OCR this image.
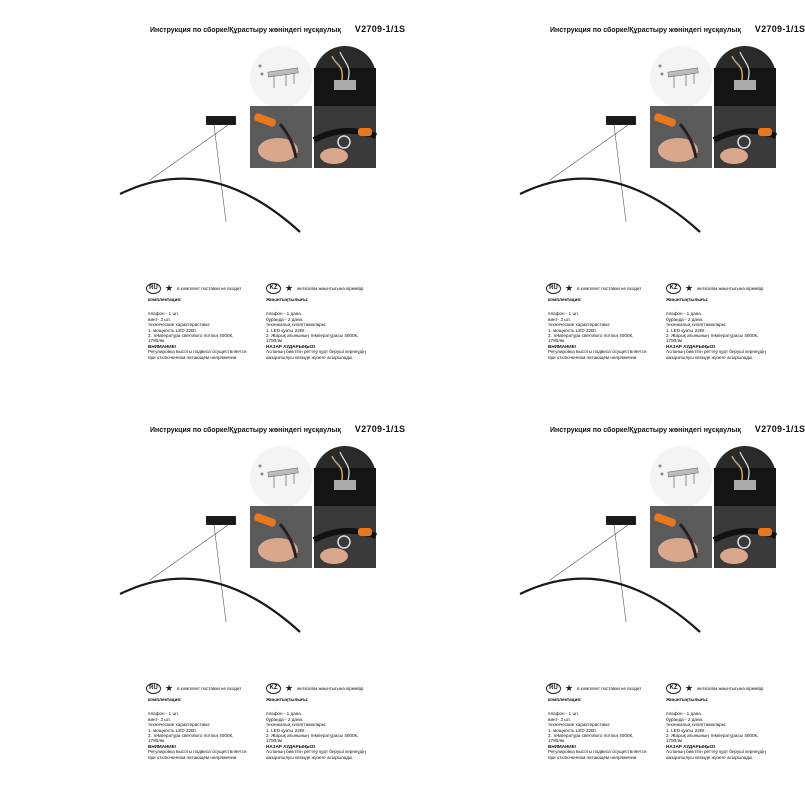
Инструкция по сборке/Құрастыру жөніндегі нұсқаулық V2709-1/1S
RU ★ в комплект поставки не входит	KZ ★ жеткізілім жиынтығына кірмейді

комплектация:

плафон - 1 шт.

винт- 2 шт.

технические характеристики:

1. мощность LED 22Вт.

2. температура светового потока 4000К,

1780лм

ВНИМАНИЕ!

Регулировка высоты подвеса осуществляется

при отключенном питающем напряжении.

Жиынтықтылығы:

плафон - 1 дана.

бұранда - 2 дана.

техникалық сипаттамалары:

1. LED қуаты 22Вт.

2. Жарық ағынының температурасы 4000К,

1780лм

НАЗАР АУДАРЫҢЫЗ!

Аспаның биіктігін реттеу қуат беруші кернеудің

ажыратылуы кезінде жүзеге асырылады.

Инструкция по сборке/Құрастыру жөніндегі нұсқаулық V2709-1/1S
RU ★ в комплект поставки не входит	KZ ★ жеткізілім жиынтығына кірмейді

комплектация:

плафон - 1 шт.

винт- 2 шт.

технические характеристики:

1. мощность LED 22Вт.

2. температура светового потока 4000К,

1780лм

ВНИМАНИЕ!

Регулировка высоты подвеса осуществляется

при отключенном питающем напряжении.

Жиынтықтылығы:

плафон - 1 дана.

бұранда - 2 дана.

техникалық сипаттамалары:

1. LED қуаты 22Вт.

2. Жарық ағынының температурасы 4000К,

1780лм

НАЗАР АУДАРЫҢЫЗ!

Аспаның биіктігін реттеу қуат беруші кернеудің

ажыратылуы кезінде жүзеге асырылады.

Инструкция по сборке/Құрастыру жөніндегі нұсқаулық V2709-1/1S
RU ★ в комплект поставки не входит	KZ ★ жеткізілім жиынтығына кірмейді

комплектация:

плафон - 1 шт.

винт- 2 шт.

технические характеристики:

1. мощность LED 22Вт.

2. температура светового потока 4000К,

1780лм

ВНИМАНИЕ!

Регулировка высоты подвеса осуществляется

при отключенном питающем напряжении.

Жиынтықтылығы:

плафон - 1 дана.

бұранда - 2 дана.

техникалық сипаттамалары:

1. LED қуаты 22Вт.

2. Жарық ағынының температурасы 4000К,

1780лм

НАЗАР АУДАРЫҢЫЗ!

Аспаның биіктігін реттеу қуат беруші кернеудің

ажыратылуы кезінде жүзеге асырылады.

Инструкция по сборке/Құрастыру жөніндегі нұсқаулық V2709-1/1S
RU ★ в комплект поставки не входит	KZ ★ жеткізілім жиынтығына кірмейді

комплектация:

плафон - 1 шт.

винт- 2 шт.

технические характеристики:

1. мощность LED 22Вт.

2. температура светового потока 4000К,

1780лм

ВНИМАНИЕ!

Регулировка высоты подвеса осуществляется

при отключенном питающем напряжении.

Жиынтықтылығы:

плафон - 1 дана.

бұранда - 2 дана.

техникалық сипаттамалары:

1. LED қуаты 22Вт.

2. Жарық ағынының температурасы 4000К,

1780лм

НАЗАР АУДАРЫҢЫЗ!

Аспаның биіктігін реттеу қуат беруші кернеудің

ажыратылуы кезінде жүзеге асырылады.
